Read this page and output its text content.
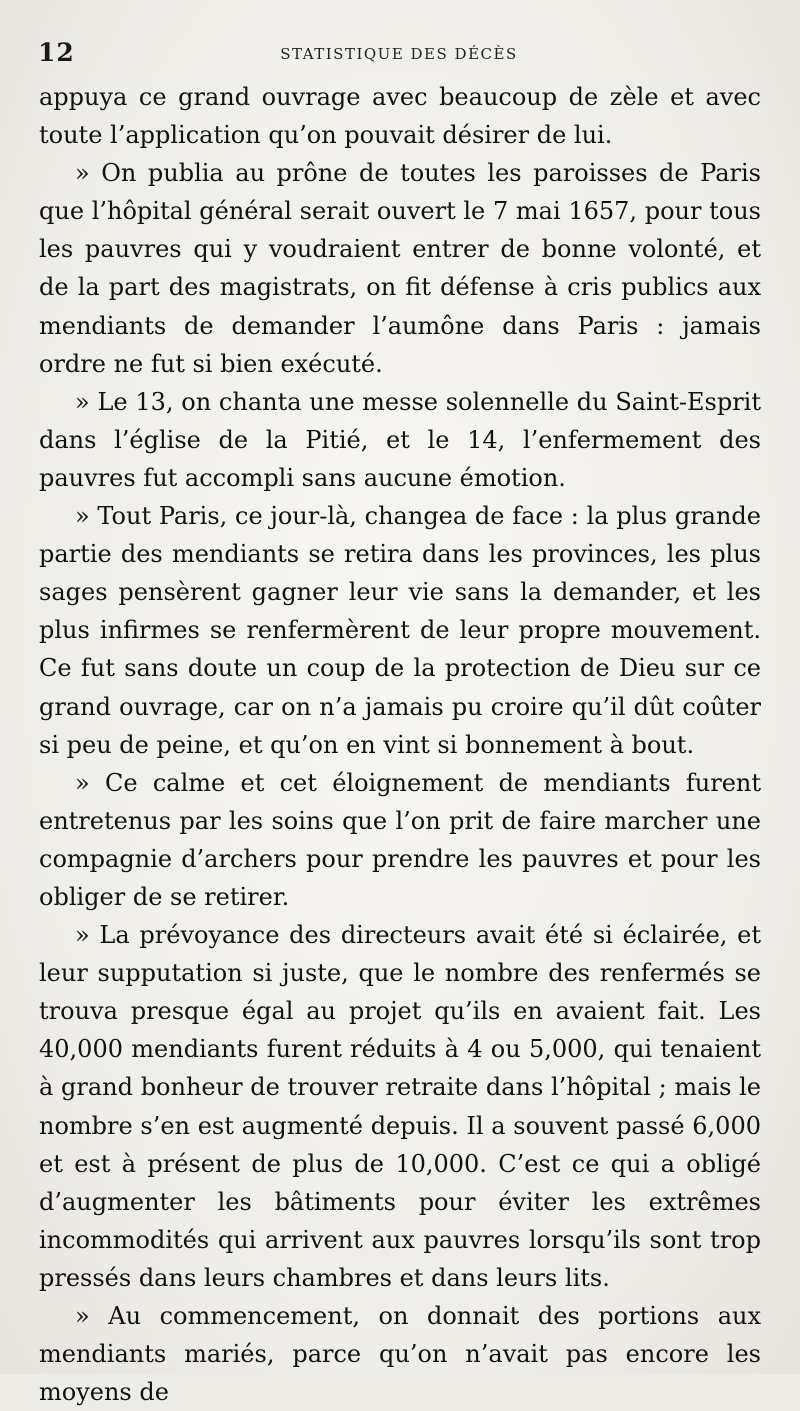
12	STATISTIQUE DES DÉCÈS

appuya ce grand ouvrage avec beaucoup de zèle et avec toute l’application qu’on pouvait désirer de lui.

» On publia au prône de toutes les paroisses de Paris que l’hôpital général serait ouvert le 7 mai 1657, pour tous les pauvres qui y voudraient entrer de bonne volonté, et de la part des magistrats, on fit défense à cris publics aux mendiants de demander l’aumône dans Paris : jamais ordre ne fut si bien exécuté.

» Le 13, on chanta une messe solennelle du Saint-Esprit dans l’église de la Pitié, et le 14, l’enfermement des pauvres fut accompli sans aucune émotion.

» Tout Paris, ce jour-là, changea de face : la plus grande partie des mendiants se retira dans les provinces, les plus sages pensèrent gagner leur vie sans la demander, et les plus infirmes se renfermèrent de leur propre mouvement. Ce fut sans doute un coup de la protection de Dieu sur ce grand ouvrage, car on n’a jamais pu croire qu’il dût coûter si peu de peine, et qu’on en vint si bonnement à bout.

» Ce calme et cet éloignement de mendiants furent entretenus par les soins que l’on prit de faire marcher une compagnie d’archers pour prendre les pauvres et pour les obliger de se retirer.

» La prévoyance des directeurs avait été si éclairée, et leur supputation si juste, que le nombre des renfermés se trouva presque égal au projet qu’ils en avaient fait. Les 40,000 mendiants furent réduits à 4 ou 5,000, qui tenaient à grand bonheur de trouver retraite dans l’hôpital ; mais le nombre s’en est augmenté depuis. Il a souvent passé 6,000 et est à présent de plus de 10,000. C’est ce qui a obligé d’augmenter les bâtiments pour éviter les extrêmes incommodités qui arrivent aux pauvres lorsqu’ils sont trop pressés dans leurs chambres et dans leurs lits.

» Au commencement, on donnait des portions aux mendiants mariés, parce qu’on n’avait pas encore les moyens de
